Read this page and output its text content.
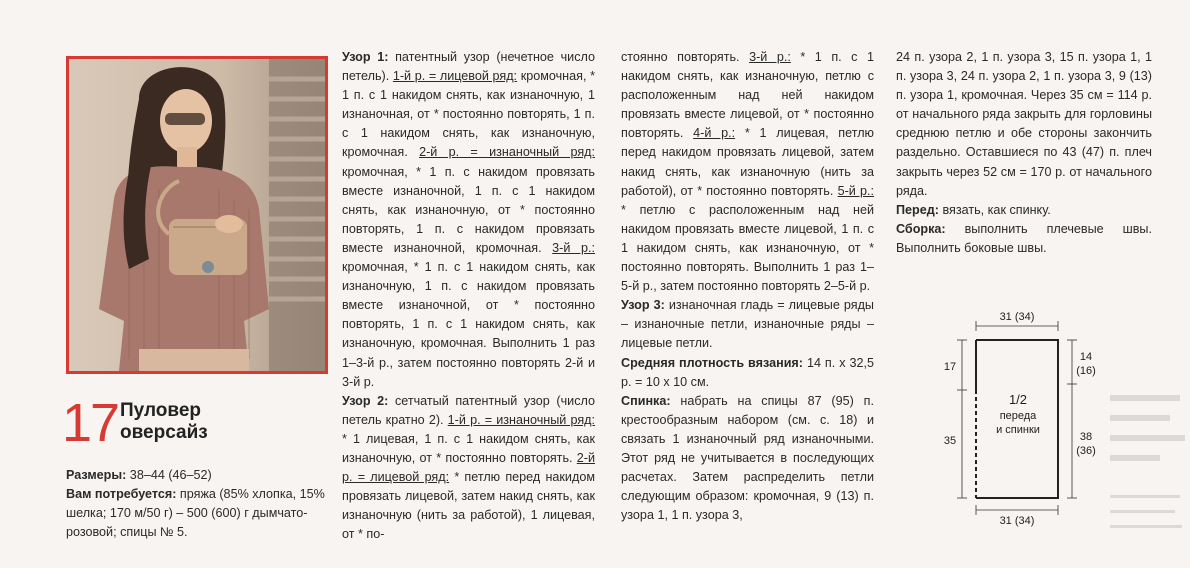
17 Пуловер
оверсайз
Размеры: 38–44 (46–52)
Вам потребуется: пряжа (85% хлопка, 15% шелка; 170 м/50 г) – 500 (600) г дымчато-розовой; спицы № 5.

Узор 1: патентный узор (нечетное число петель). 1-й р. = лицевой ряд: кромочная, * 1 п. с 1 накидом снять, как изнаночную, 1 изнаночная, от * постоянно повторять, 1 п. с 1 накидом снять, как изнаночную, кромочная. 2-й р. = изнаночный ряд: кромочная, * 1 п. с накидом провязать вместе изнаночной, 1 п. с 1 накидом снять, как изнаночную, от * постоянно повторять, 1 п. с накидом провязать вместе изнаночной, кромочная. 3-й р.: кромочная, * 1 п. с 1 накидом снять, как изнаночную, 1 п. с накидом провязать вместе изнаночной, от * постоянно повторять, 1 п. с 1 накидом снять, как изнаночную, кромочная. Выполнить 1 раз 1–3-й р., затем постоянно повторять 2-й и 3-й р.

Узор 2: сетчатый патентный узор (число петель кратно 2). 1-й р. = изнаночный ряд: * 1 лицевая, 1 п. с 1 накидом снять, как изнаночную, от * постоянно повторять. 2-й р. = лицевой ряд: * петлю перед накидом провязать лицевой, затем накид снять, как изнаночную (нить за работой), 1 лицевая, от * по-

стоянно повторять. 3-й р.: * 1 п. с 1 накидом снять, как изнаночную, петлю с расположенным над ней накидом провязать вместе лицевой, от * постоянно повторять. 4-й р.: * 1 лицевая, петлю перед накидом провязать лицевой, затем накид снять, как изнаночную (нить за работой), от * постоянно повторять. 5-й р.: * петлю с расположенным над ней накидом провязать вместе лицевой, 1 п. с 1 накидом снять, как изнаночную, от * постоянно повторять. Выполнить 1 раз 1–5-й р., затем постоянно повторять 2–5-й р.

Узор 3: изнаночная гладь = лицевые ряды – изнаночные петли, изнаночные ряды – лицевые петли.

Средняя плотность вязания: 14 п. х 32,5 р. = 10 х 10 см.

Спинка: набрать на спицы 87 (95) п. крестообразным набором (см. с. 18) и связать 1 изнаночный ряд изнаночными. Этот ряд не учитывается в последующих расчетах. Затем распределить петли следующим образом: кромочная, 9 (13) п. узора 1, 1 п. узора 3,

24 п. узора 2, 1 п. узора 3, 15 п. узора 1, 1 п. узора 3, 24 п. узора 2, 1 п. узора 3, 9 (13) п. узора 1, кромочная. Через 35 см = 114 р. от начального ряда закрыть для горловины среднюю петлю и обе стороны закончить раздельно. Оставшиеся по 43 (47) п. плеч закрыть через 52 см = 170 р. от начального ряда.

Перед: вязать, как спинку.

Сборка: выполнить плечевые швы. Выполнить боковые швы.

31 (34)
17
35
14
(16)
38
(36)
1/2
переда
и спинки
31 (34)
